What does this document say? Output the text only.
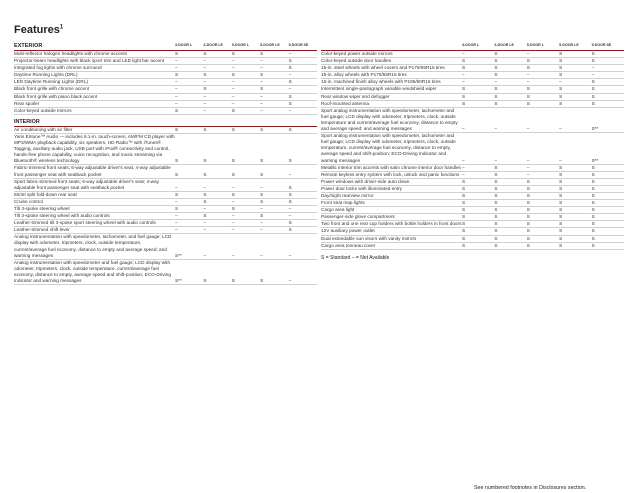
Features$^1$
EXTERIOR	3-DOOR L	3-DOOR LE	5-DOOR L	5-DOOR LE	5-DOOR SE
Multi-reflector halogen headlights with chrome accents	S	S	S	S	–
Projector-beam headlights with black sport trim and LED light bar accent	–	–	–	–	S
Integrated fog lights with chrome surround	–	–	–	–	S
Daytime Running Lights (DRL)	S	S	S	S	–
LED Daytime Running Lights (DRL)	–	–	–	–	S
Black front grille with chrome accent	–	S	–	S	–
Black front grille with piano black accent	–	–	–	–	S
Rear spoiler	–	–	–	–	S
Color-keyed outside mirrors	S	–	S	–	–
INTERIOR
Air conditioning with air filter	S	S	S	S	S
Yaris Entune™ Audio — includes 6.1-in. touch-screen, AM/FM CD player with MP3/WMA playback capability, six speakers, HD Radio™ with iTunes® Tagging, auxiliary audio jack, USB port with iPod® connectivity and control, hands-free phone capability, voice recognition, and music streaming via Bluetooth® wireless technology	S	S	S	S	S
Fabric-trimmed front seats; 6-way adjustable driver's seat; 4-way adjustable front passenger seat with seatback pocket	S	S	S	S	–
Sport fabric-trimmed front seats; 6-way adjustable driver's seat; 4-way adjustable front passenger seat with seatback pocket	–	–	–	–	S
60/40 split fold-down rear seat	S	S	S	S	S
Cruise control	–	S	–	S	S
Tilt 3-spoke steering wheel	S	–	S	–	–
Tilt 3-spoke steering wheel with audio controls	–	S	–	S	–
Leather-trimmed tilt 3-spoke sport steering wheel with audio controls	–	–	–	–	S
Leather-trimmed shift lever	–	–	–	–	S
Analog instrumentation with speedometer, tachometer, and fuel gauge; LCD display with odometer, tripmeters, clock, outside temperature, current/average fuel economy, distance to empty and average speed; and warning messages	S**	–	–	–	–
Analog instrumentation with speedometer and fuel gauge; LCD display with odometer, tripmeters, clock, outside temperature, current/average fuel economy, distance to empty, average speed and shift-position; ECO-Driving Indicator and warning messages	S**	S	S	S	–
3-DOOR L	3-DOOR LE	5-DOOR L	5-DOOR LE	5-DOOR SE
Color-keyed power outside mirrors	–	S	–	S	S
Color-keyed outside door handles	S	S	S	S	S
15-in. steel wheels with wheel covers and P175/65R15 tires	S	S	S	S	–
15-in. alloy wheels with P175/65R15 tires	–	S	–	S	–
16-in. machined finish alloy wheels with P195/50R16 tires	–	–	–	–	S
Intermittent single-pantograph variable windshield wiper	S	S	S	S	S
Rear window wiper and defogger	S	S	S	S	S
Roof-mounted antenna	S	S	S	S	S
Sport analog instrumentation with speedometer, tachometer and fuel gauge; LCD display with odometer, tripmeters, clock, outside temperature and current/average fuel economy, distance to empty and average speed; and warning messages	–	–	–	–	S**
Sport analog instrumentation with speedometer, tachometer and fuel gauge; LCD display with odometer, tripmeters, clock, outside temperature, current/average fuel economy, distance to empty, average speed and shift-position; ECO-Driving Indicator and warning messages	–	–	–	–	S**
Metallic interior trim accents with satin chrome interior door handles –	S	–	S	S
Remote keyless entry system with lock, unlock and panic functions –	S	–	S	S
Power windows with driver-side auto down	S	S	S	S	S
Power door locks with illuminated entry	S	S	S	S	S
Day/night rearview mirror	S	S	S	S	S
Front seat map lights	S	S	S	S	S
Cargo area light	S	S	S	S	S
Passenger-side glove compartment	S	S	S	S	S
Two front and one rear cup holders with bottle holders in front doors S	S	S	S	S
12V auxiliary power outlet	S	S	S	S	S
Dual extendable sun visors with vanity mirrors	S	S	S	S	S
Cargo area tonneau cover	S	S	S	S	S
S = Standard – = Not Available
See numbered footnotes in Disclosures section.
